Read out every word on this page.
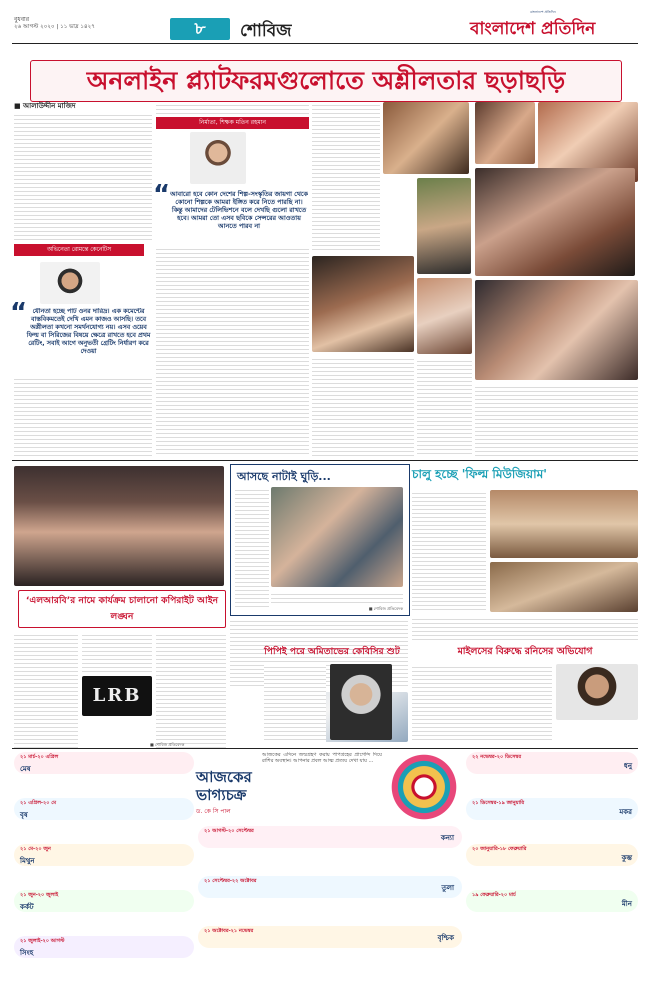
বুধবার
২৬ আগস্ট ২০২০ | ১১ ভাদ্র ১৪২৭	৮	শোবিজ
বাংলাদেশ প্রতিদিন
বাংলাদেশ প্রতিদিন
অনলাইন প্ল্যাটফরমগুলোতে অশ্লীলতার ছড়াছড়ি
■ আলাউদ্দীন মাজিদ
নির্মাতা, শিক্ষক মতিন রহমান
“ আবারো হবে কোন দেশের শিল্প-সংস্কৃতির জায়গা থেকে কোনো শিল্পকে আমরা ইঙ্গিত করে নিতে পারছি না। কিন্তু আমাদের টেলিভিশনে বলে দেখছি গুলো রাখতে হবে। আমরা তো এসব ছবিকে সেন্সরের আওতায় আনতে পারব না
অভিনেতা রোমন্তে কেনেটিস
“ যৌনতা হচ্ছে পাট ওনর দারিদ্র। এক কমেন্টের বাস্তবিকমতেই দেখি এমন কাজও আসছি। তবে অপ্লীলতা কখনো সমর্থনযোগ্য নয়। এসব ওয়েব ফিল্ম বা সিরিজের বিষয়ে ক্ষেত্রে রাখতে হবে প্রথম রেটিং, সবাই আগে অনুভতী গ্রেটিং নির্ধারণ করে দেওয়া
‘এলআরবি’র নামে কার্যক্রম চালানো কপিরাইট আইন লঙ্ঘন
আসছে নাটাই ঘুড়ি...
■ শোবিজ প্রতিবেদক
চালু হচ্ছে 'ফিল্ম মিউজিয়াম'
LRB
■ শোবিজ প্রতিবেদক
পিপিই পরে অমিতাভের কেবিসির শুট	মাইলসের বিরুদ্ধে রনিসের অভিযোগ
আজকের ভাগ্যচক্র
ড. কে সি পাল
আজকের এদিনে জন্মগ্রহণ করায় পাপগ্রহের প্রাগেন্দি দিয়ে রাশির অবস্থান। আপনার প্রবল আত্ম প্রত্যয় দেখা যায় ...
২১ মার্চ-২০ এপ্রিল
মেষ
২১ এপ্রিল-২০ মে
বৃষ
২১ মে-২০ জুন
মিথুন
২১ জুন-২০ জুলাই
কর্কট
২১ জুলাই-২০ আগস্ট
সিংহ
২২ নভেম্বর-২০ ডিসেম্বর
ধনু
২১ ডিসেম্বর-১৯ জানুয়ারি
মকর
২০ জানুয়ারি-১৮ ফেব্রুয়ারি
কুম্ভ
১৯ ফেব্রুয়ারি-২০ মার্চ
মীন
২১ আগস্ট-২০ সেপ্টেম্বর
কন্যা
২১ সেপ্টেম্বর-২২ অক্টোবর
তুলা
২১ অক্টোবর-২১ নভেম্বর
বৃশ্চিক
